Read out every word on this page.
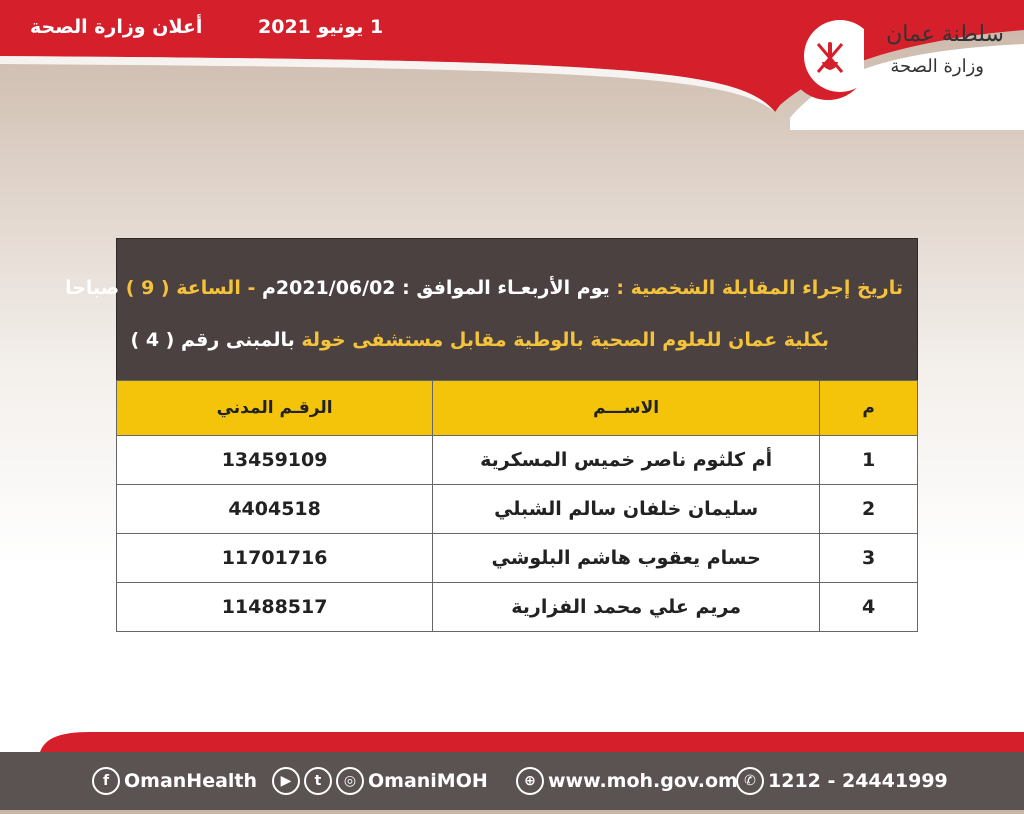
أعلان وزارة الصحة	1 يونيو 2021	سلطنة عمان
وزارة الصحة
تاريخ إجراء المقابلة الشخصية : يوم الأربعـاء الموافق : 2021/06/02م - الساعة ( 9 ) صباحا
بكلية عمان للعلوم الصحية بالوطية مقابل مستشفى خولة بالمبنى رقم ( 4 )
م	الاســـم	الرقـم المدني
1	أم كلثوم ناصر خميس المسكرية	13459109
2	سليمان خلفان سالم الشبلي	4404518
3	حسام يعقوب هاشم البلوشي	11701716
4	مريم علي محمد الفزارية	11488517
f OmanHealth	▶	t	◎ OmaniMOH	⊕ www.moh.gov.om ✆ 1212 - 24441999
